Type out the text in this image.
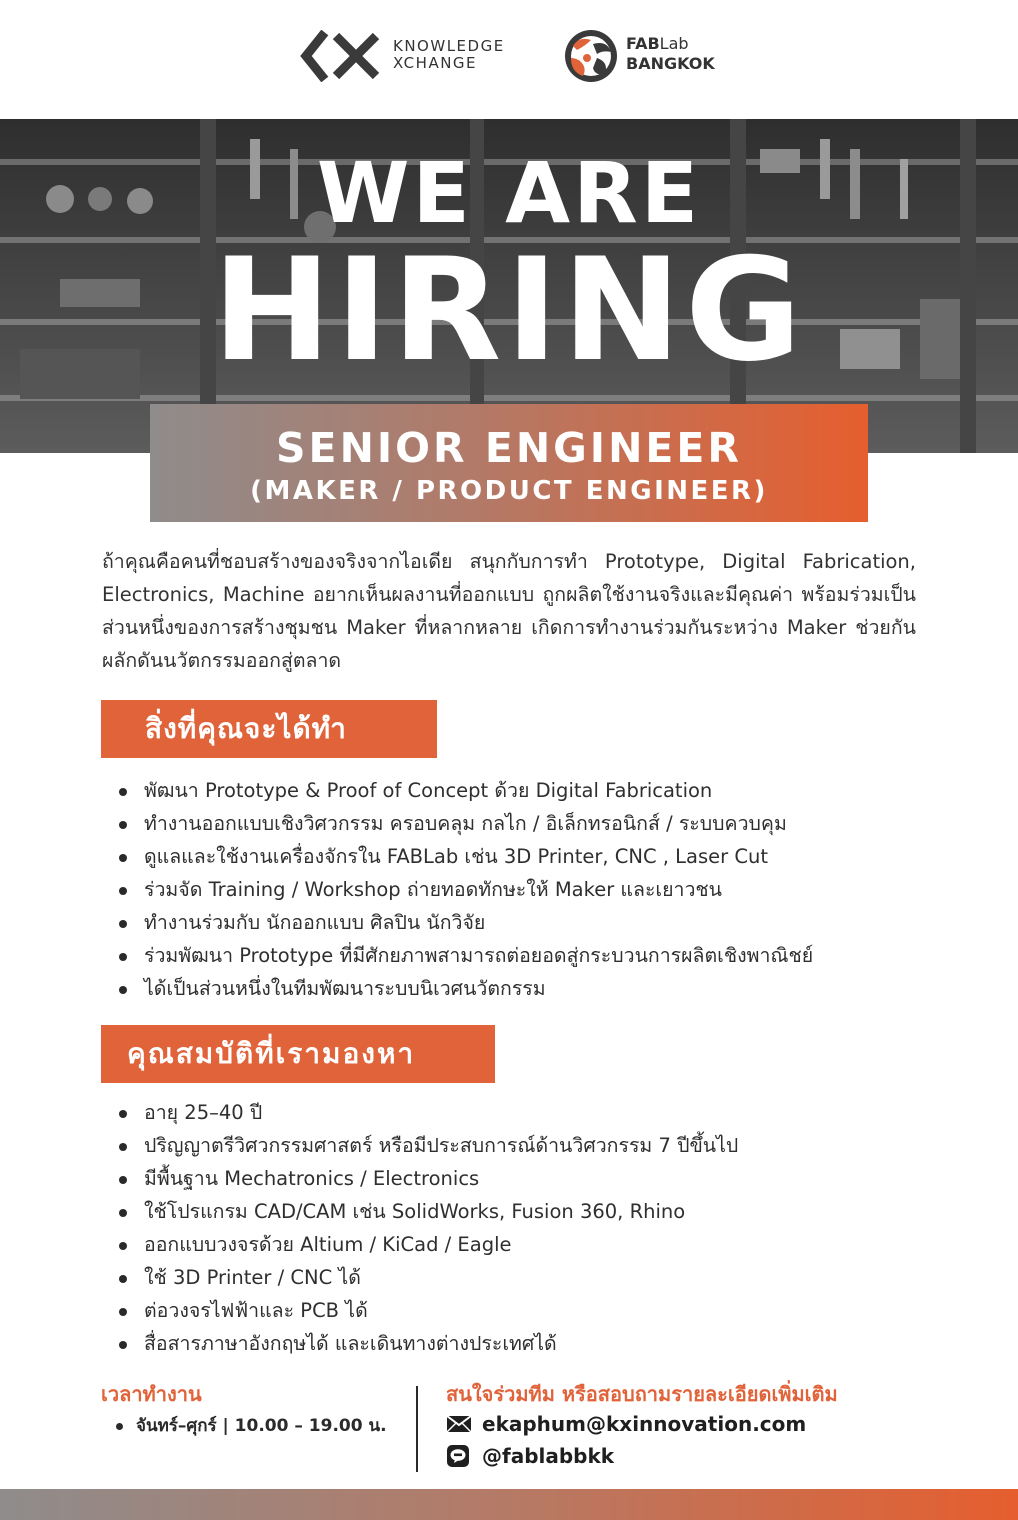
KNOWLEDGE
XCHANGE
FABLab
BANGKOK
WE ARE
HIRING
SENIOR ENGINEER
(MAKER / PRODUCT ENGINEER)

ถ้าคุณคือคนที่ชอบสร้างของจริงจากไอเดีย สนุกกับการทำ Prototype, Digital Fabrication, Electronics, Machine อยากเห็นผลงานที่ออกแบบ ถูกผลิตใช้งานจริงและมีคุณค่า พร้อมร่วมเป็นส่วนหนึ่งของการสร้างชุมชน Maker ที่หลากหลาย เกิดการทำงานร่วมกันระหว่าง Maker ช่วยกันผลักดันนวัตกรรมออกสู่ตลาด

สิ่งที่คุณจะได้ทำ
พัฒนา Prototype & Proof of Concept ด้วย Digital Fabrication
ทำงานออกแบบเชิงวิศวกรรม ครอบคลุม กลไก / อิเล็กทรอนิกส์ / ระบบควบคุม
ดูแลและใช้งานเครื่องจักรใน FABLab เช่น 3D Printer, CNC , Laser Cut
ร่วมจัด Training / Workshop ถ่ายทอดทักษะให้ Maker และเยาวชน
ทำงานร่วมกับ นักออกแบบ ศิลปิน นักวิจัย
ร่วมพัฒนา Prototype ที่มีศักยภาพสามารถต่อยอดสู่กระบวนการผลิตเชิงพาณิชย์
ได้เป็นส่วนหนึ่งในทีมพัฒนาระบบนิเวศนวัตกรรม
คุณสมบัติที่เรามองหา
อายุ 25–40 ปี
ปริญญาตรีวิศวกรรมศาสตร์ หรือมีประสบการณ์ด้านวิศวกรรม 7 ปีขึ้นไป
มีพื้นฐาน Mechatronics / Electronics
ใช้โปรแกรม CAD/CAM เช่น SolidWorks, Fusion 360, Rhino
ออกแบบวงจรด้วย Altium / KiCad / Eagle
ใช้ 3D Printer / CNC ได้
ต่อวงจรไฟฟ้าและ PCB ได้
สื่อสารภาษาอังกฤษได้ และเดินทางต่างประเทศได้
เวลาทำงาน
จันทร์–ศุกร์ | 10.00 – 19.00 น.
สนใจร่วมทีม หรือสอบถามรายละเอียดเพิ่มเติม
ekaphum@kxinnovation.com
@fablabbkk
